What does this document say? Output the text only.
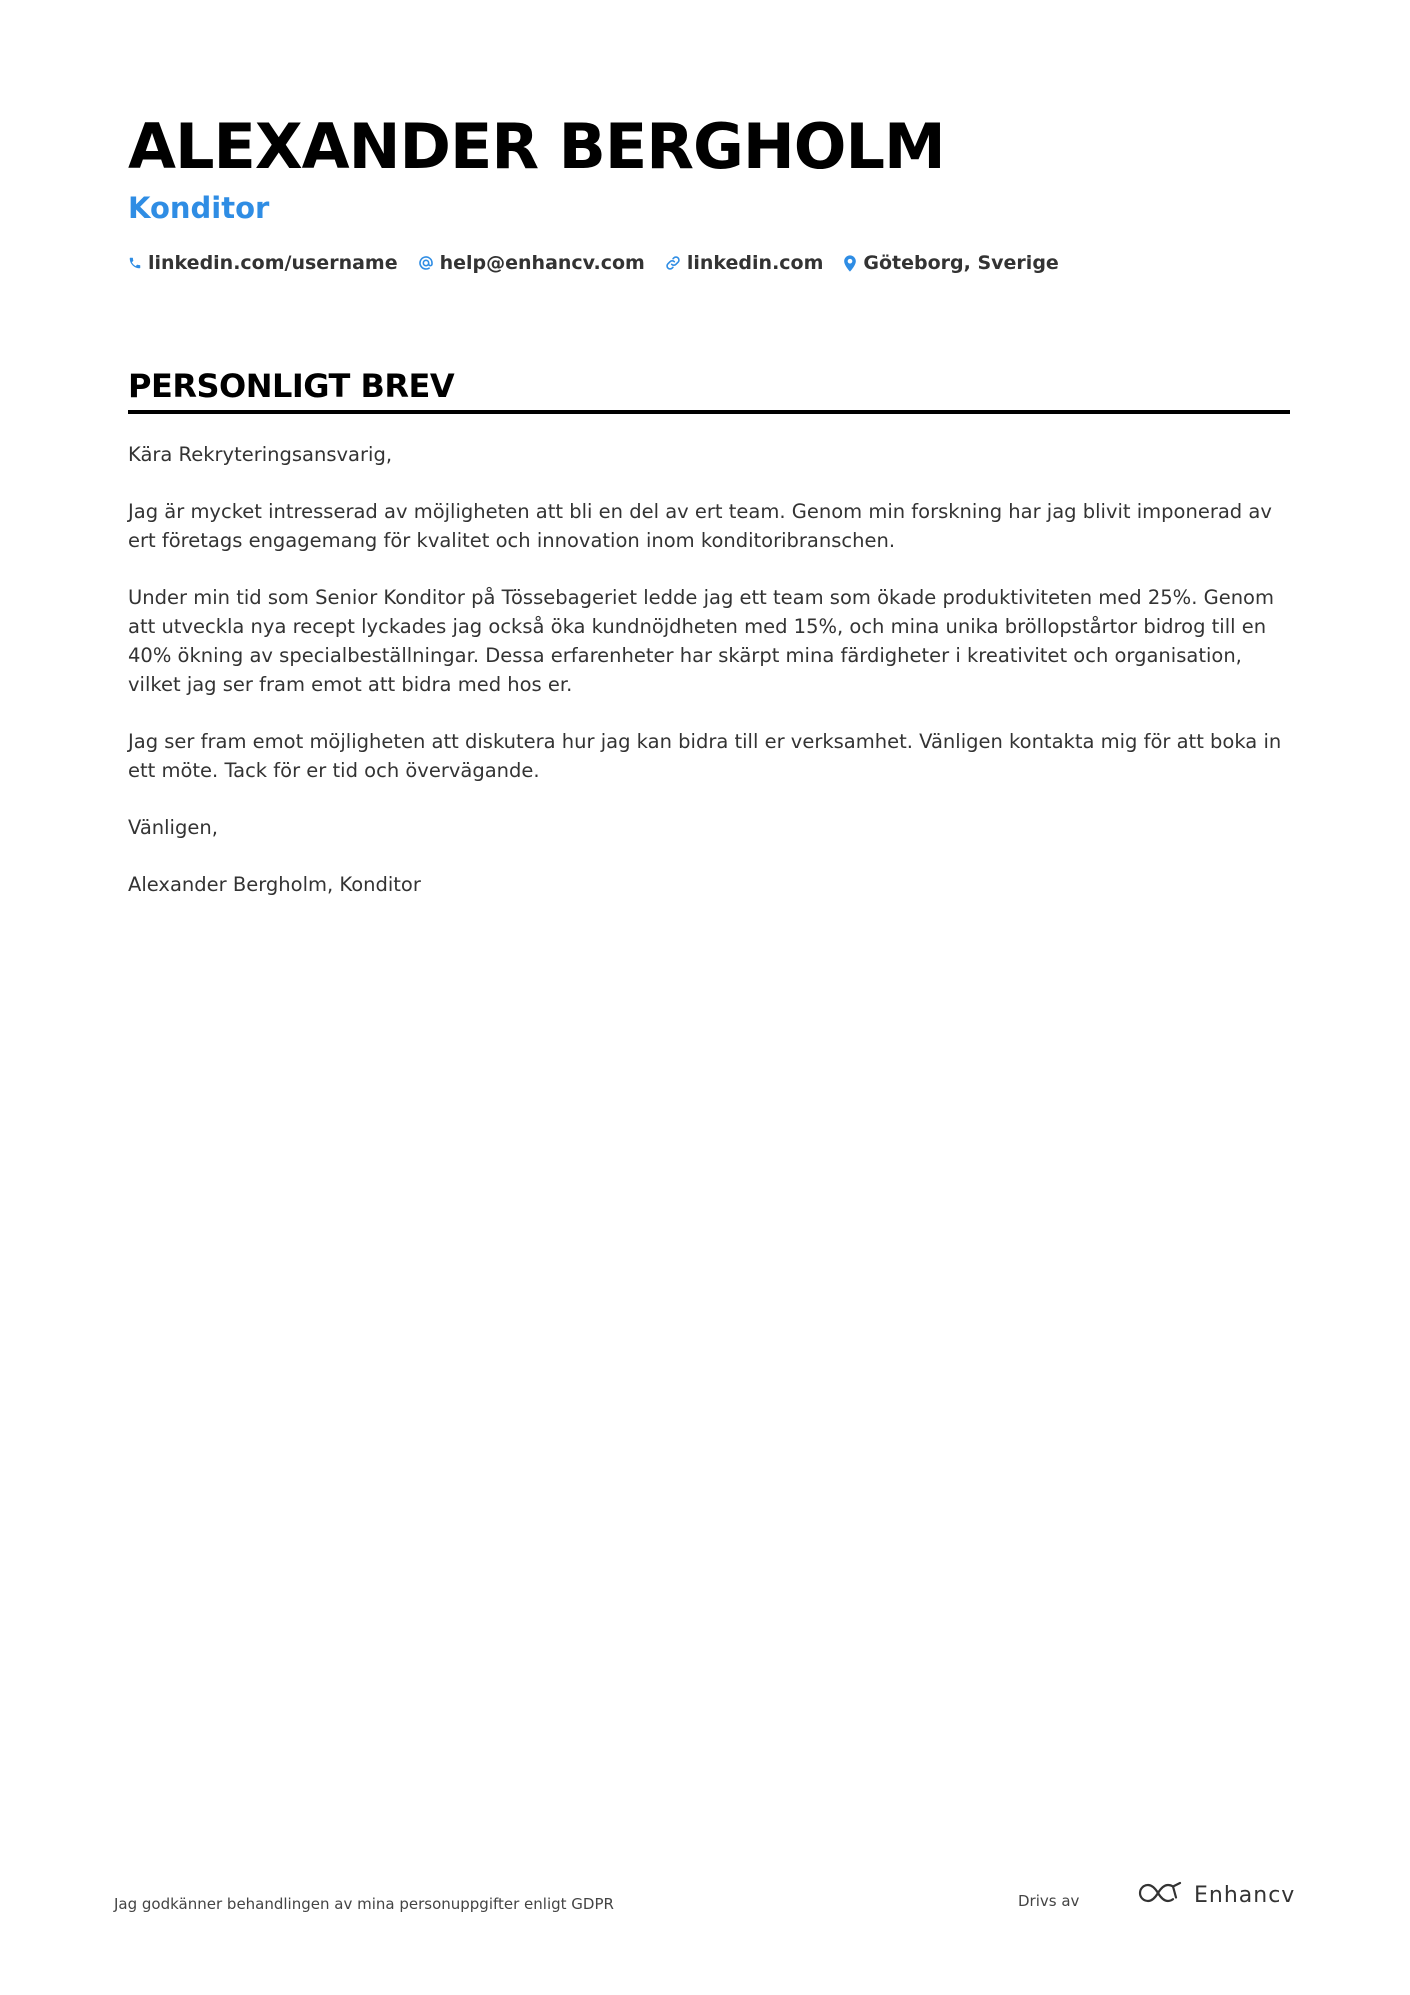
ALEXANDER BERGHOLM
Konditor
linkedin.com/username help@enhancv.com linkedin.com Göteborg, Sverige
PERSONLIGT BREV

Kära Rekryteringsansvarig,

Jag är mycket intresserad av möjligheten att bli en del av ert team. Genom min forskning har jag blivit imponerad av ert företags engagemang för kvalitet och innovation inom konditoribranschen.

Under min tid som Senior Konditor på Tössebageriet ledde jag ett team som ökade produktiviteten med 25%. Genom att utveckla nya recept lyckades jag också öka kundnöjdheten med 15%, och mina unika bröllopstårtor bidrog till en 40% ökning av specialbeställningar. Dessa erfarenheter har skärpt mina färdigheter i kreativitet och organisation, vilket jag ser fram emot att bidra med hos er.

Jag ser fram emot möjligheten att diskutera hur jag kan bidra till er verksamhet. Vänligen kontakta mig för att boka in ett möte. Tack för er tid och övervägande.

Vänligen,

Alexander Bergholm, Konditor

Jag godkänner behandlingen av mina personuppgifter enligt GDPR	Drivs av	Enhancv
